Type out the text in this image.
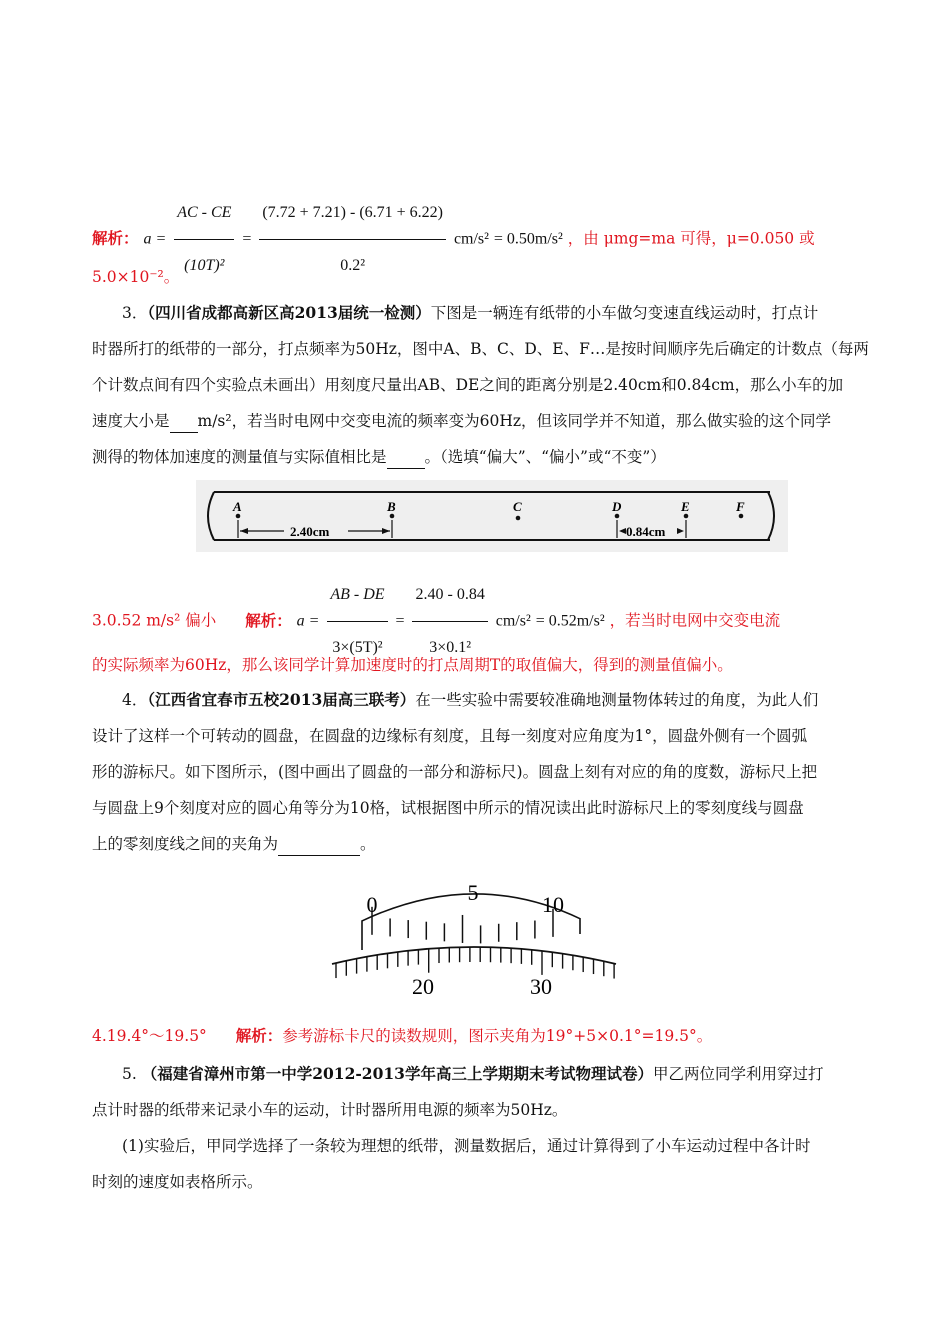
解析： $a = \frac{AC - CE}{\text{(10T)²}} = \frac{(7.72 + 7.21) - (6.71 + 6.22)}{\text{0.2²}} cm/s^2 = 0.50m/s^2$ ，由 μmg=ma 可得，μ=0.050 或
5.0×10⁻²。
3．（四川省成都高新区高2013届统一检测）下图是一辆连有纸带的小车做匀变速直线运动时，打点计
时器所打的纸带的一部分，打点频率为50Hz，图中A、B、C、D、E、F…是按时间顺序先后确定的计数点（每两
个计数点间有四个实验点未画出）用刻度尺量出AB、DE之间的距离分别是2.40cm和0.84cm，那么小车的加
速度大小是 m/s²，若当时电网中交变电流的频率变为60Hz，但该同学并不知道，那么做实验的这个同学
测得的物体加速度的测量值与实际值相比是 。（选填“偏大”、“偏小”或“不变”）
A	B	C	D	E	F
2.40cm	0.84cm
3.0.52 m/s² 偏小 解析： $a = \frac{AB - DE}{\text{3×(5T)²}} = \frac{2.40 - 0.84}{\text{3×0.1²}} cm/s^2 = 0.52m/s^2$ ，若当时电网中交变电流
的实际频率为60Hz，那么该同学计算加速度时的打点周期T的取值偏大，得到的测量值偏小。
4．（江西省宜春市五校2013届高三联考）在一些实验中需要较准确地测量物体转过的角度，为此人们
设计了这样一个可转动的圆盘，在圆盘的边缘标有刻度，且每一刻度对应角度为1°，圆盘外侧有一个圆弧
形的游标尺。如下图所示，(图中画出了圆盘的一部分和游标尺)。圆盘上刻有对应的角的度数，游标尺上把
与圆盘上9个刻度对应的圆心角等分为10格，试根据图中所示的情况读出此时游标尺上的零刻度线与圆盘
上的零刻度线之间的夹角为	。
0	5	10
20	30
4.19.4°～19.5° 解析：参考游标卡尺的读数规则，图示夹角为19°+5×0.1°=19.5°。
5. （福建省漳州市第一中学2012-2013学年高三上学期期末考试物理试卷）甲乙两位同学利用穿过打
点计时器的纸带来记录小车的运动，计时器所用电源的频率为50Hz。
(1)实验后，甲同学选择了一条较为理想的纸带，测量数据后，通过计算得到了小车运动过程中各计时
时刻的速度如表格所示。
